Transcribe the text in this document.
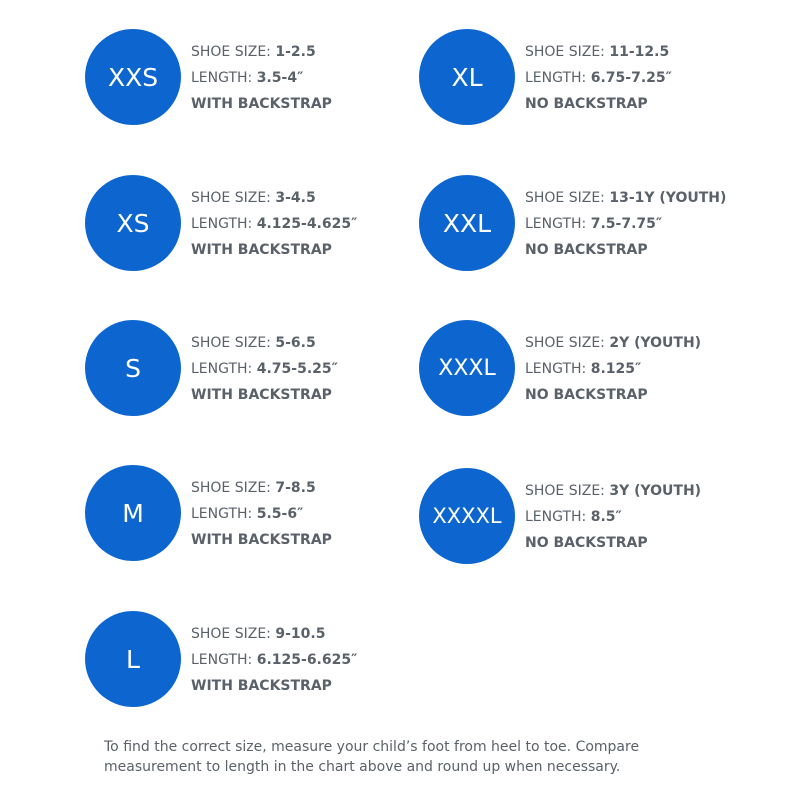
XXS
SHOE SIZE: 1-2.5
LENGTH: 3.5-4″
WITH BACKSTRAP
XS
SHOE SIZE: 3-4.5
LENGTH: 4.125-4.625″
WITH BACKSTRAP
S
SHOE SIZE: 5-6.5
LENGTH: 4.75-5.25″
WITH BACKSTRAP
M
SHOE SIZE: 7-8.5
LENGTH: 5.5-6″
WITH BACKSTRAP
L
SHOE SIZE: 9-10.5
LENGTH: 6.125-6.625″
WITH BACKSTRAP
XL
SHOE SIZE: 11-12.5
LENGTH: 6.75-7.25″
NO BACKSTRAP
XXL
SHOE SIZE: 13-1Y (YOUTH)
LENGTH: 7.5-7.75″
NO BACKSTRAP
XXXL
SHOE SIZE: 2Y (YOUTH)
LENGTH: 8.125″
NO BACKSTRAP
XXXXL
SHOE SIZE: 3Y (YOUTH)
LENGTH: 8.5″
NO BACKSTRAP
To find the correct size, measure your child’s foot from heel to toe. Compare
measurement to length in the chart above and round up when necessary.
